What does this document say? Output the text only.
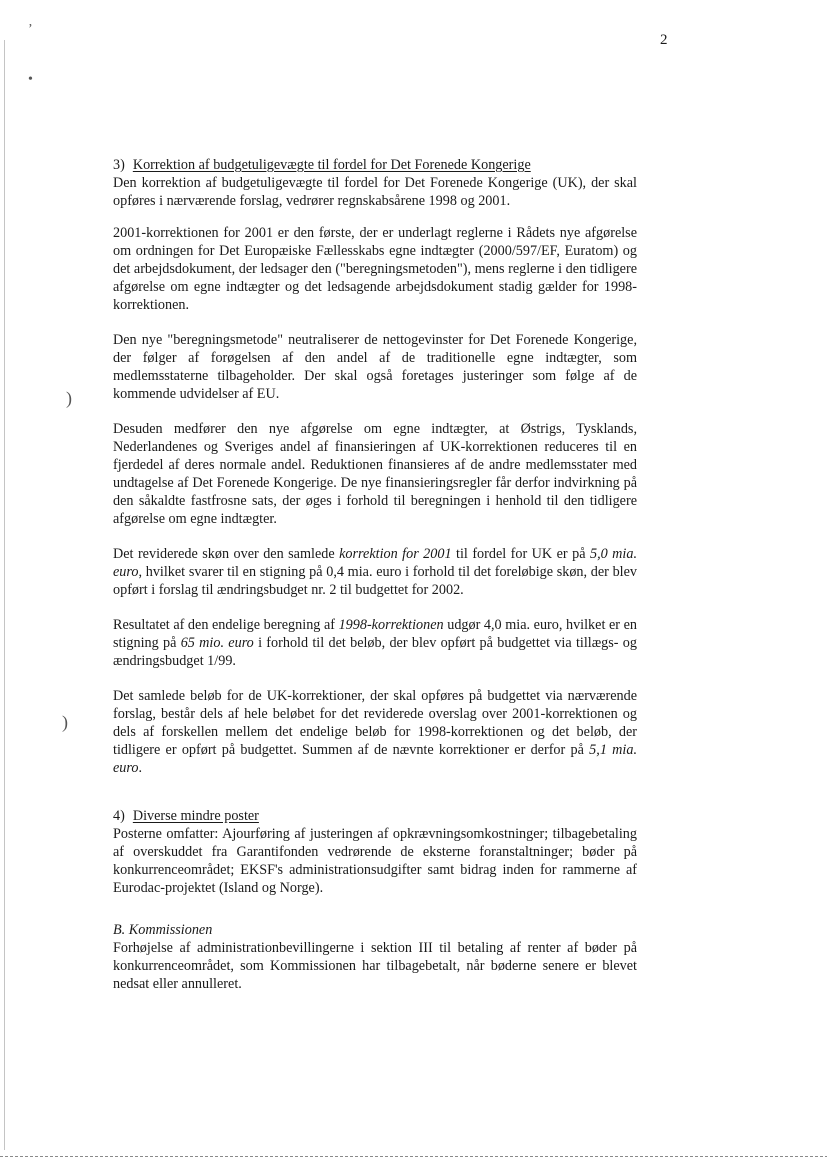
ʼ
•
)
)
2
3) Korrektion af budgetuligevægte til fordel for Det Forenede Kongerige

Den korrektion af budgetuligevægte til fordel for Det Forenede Kongerige (UK), der skal opføres i nærværende forslag, vedrører regnskabsårene 1998 og 2001.

2001-korrektionen for 2001 er den første, der er underlagt reglerne i Rådets nye afgørelse om ordningen for Det Europæiske Fællesskabs egne indtægter (2000/597/EF, Euratom) og det arbejdsdokument, der ledsager den ("beregningsmetoden"), mens reglerne i den tidligere afgørelse om egne indtægter og det ledsagende arbejdsdokument stadig gælder for 1998-korrektionen.

Den nye "beregningsmetode" neutraliserer de nettogevinster for Det Forenede Kongerige, der følger af forøgelsen af den andel af de traditionelle egne indtægter, som medlemsstaterne tilbageholder. Der skal også foretages justeringer som følge af de kommende udvidelser af EU.

Desuden medfører den nye afgørelse om egne indtægter, at Østrigs, Tysklands, Nederlandenes og Sveriges andel af finansieringen af UK-korrektionen reduceres til en fjerdedel af deres normale andel. Reduktionen finansieres af de andre medlemsstater med undtagelse af Det Forenede Kongerige. De nye finansieringsregler får derfor indvirkning på den såkaldte fastfrosne sats, der øges i forhold til beregningen i henhold til den tidligere afgørelse om egne indtægter.

Det reviderede skøn over den samlede korrektion for 2001 til fordel for UK er på 5,0 mia. euro, hvilket svarer til en stigning på 0,4 mia. euro i forhold til det foreløbige skøn, der blev opført i forslag til ændringsbudget nr. 2 til budgettet for 2002.

Resultatet af den endelige beregning af 1998-korrektionen udgør 4,0 mia. euro, hvilket er en stigning på 65 mio. euro i forhold til det beløb, der blev opført på budgettet via tillægs- og ændringsbudget 1/99.

Det samlede beløb for de UK-korrektioner, der skal opføres på budgettet via nærværende forslag, består dels af hele beløbet for det reviderede overslag over 2001-korrektionen og dels af forskellen mellem det endelige beløb for 1998-korrektionen og det beløb, der tidligere er opført på budgettet. Summen af de nævnte korrektioner er derfor på 5,1 mia. euro.

4) Diverse mindre poster

Posterne omfatter: Ajourføring af justeringen af opkrævningsomkostninger; tilbagebetaling af overskuddet fra Garantifonden vedrørende de eksterne foranstaltninger; bøder på konkurrenceområdet; EKSF's administrationsudgifter samt bidrag inden for rammerne af Eurodac-projektet (Island og Norge).

B. Kommissionen

Forhøjelse af administrationbevillingerne i sektion III til betaling af renter af bøder på konkurrenceområdet, som Kommissionen har tilbagebetalt, når bøderne senere er blevet nedsat eller annulleret.
